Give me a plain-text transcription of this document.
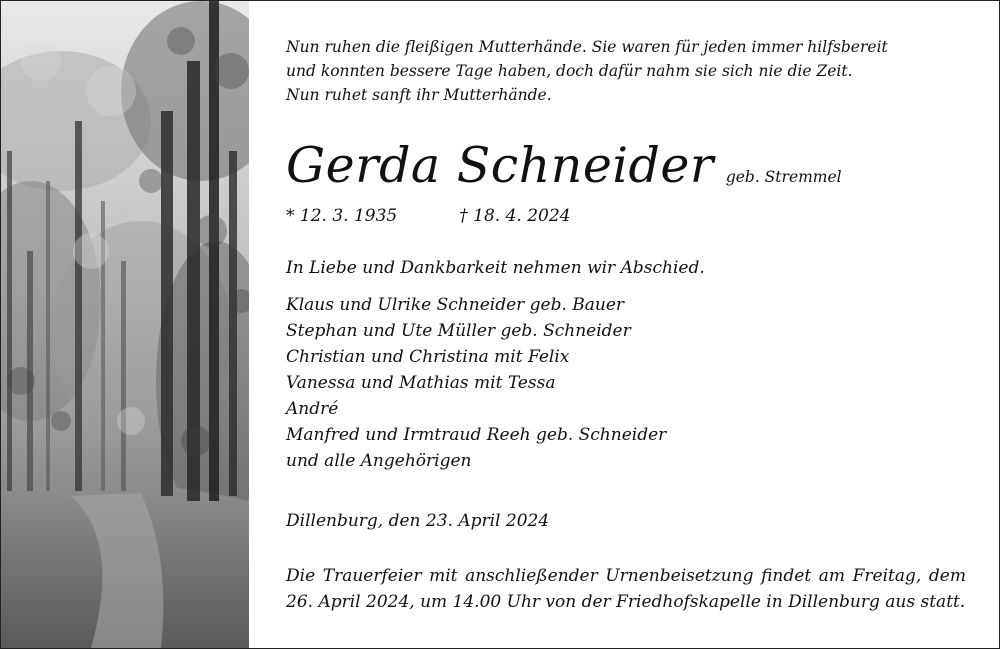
Nun ruhen die fleißigen Mutterhände. Sie waren für jeden immer hilfsbereit
und konnten bessere Tage haben, doch dafür nahm sie sich nie die Zeit.
Nun ruhet sanft ihr Mutterhände.
Gerda Schneider geb. Stremmel
* 12. 3. 1935	† 18. 4. 2024
In Liebe und Dankbarkeit nehmen wir Abschied.
Klaus und Ulrike Schneider geb. Bauer
Stephan und Ute Müller geb. Schneider
Christian und Christina mit Felix
Vanessa und Mathias mit Tessa
André
Manfred und Irmtraud Reeh geb. Schneider
und alle Angehörigen
Dillenburg, den 23. April 2024
Die Trauerfeier mit anschließender Urnenbeisetzung findet am Freitag, dem
26. April 2024, um 14.00 Uhr von der Friedhofskapelle in Dillenburg aus statt.
